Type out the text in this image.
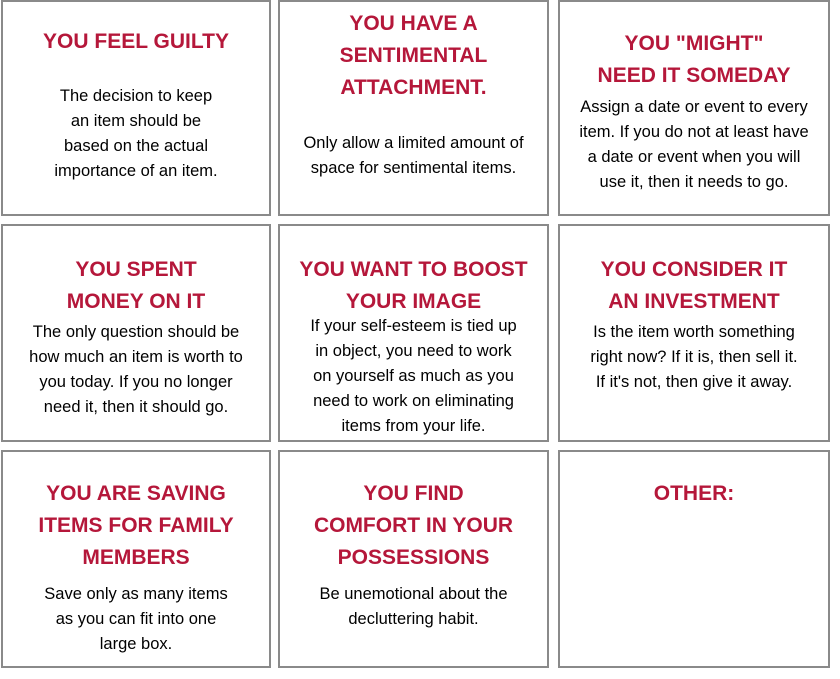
YOU FEEL GUILTY

The decision to keep
an item should be
based on the actual
importance of an item.

YOU HAVE A
SENTIMENTAL
ATTACHMENT.

Only allow a limited amount of
space for sentimental items.

YOU "MIGHT"
NEED IT SOMEDAY

Assign a date or event to every
item. If you do not at least have
a date or event when you will
use it, then it needs to go.

YOU SPENT
MONEY ON IT

The only question should be
how much an item is worth to
you today. If you no longer
need it, then it should go.

YOU WANT TO BOOST
YOUR IMAGE

If your self-esteem is tied up
in object, you need to work
on yourself as much as you
need to work on eliminating
items from your life.

YOU CONSIDER IT
AN INVESTMENT

Is the item worth something
right now? If it is, then sell it.
If it's not, then give it away.

YOU ARE SAVING
ITEMS FOR FAMILY
MEMBERS

Save only as many items
as you can fit into one
large box.

YOU FIND
COMFORT IN YOUR
POSSESSIONS

Be unemotional about the
decluttering habit.

OTHER:
